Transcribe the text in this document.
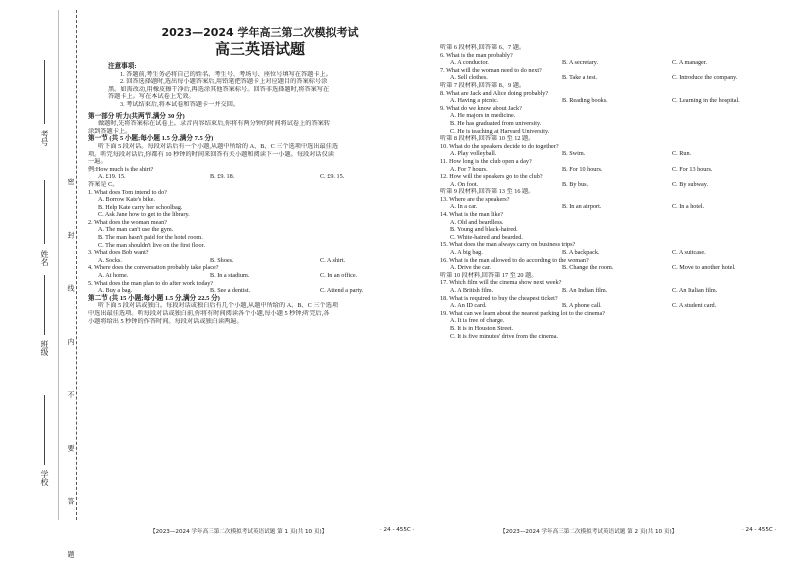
考号
姓名
班级
学校	密 封 线 内 不 要 答 题
2023—2024 学年高三第二次模拟考试
高三英语试题
注意事项:
1. 答题前,考生务必将自己的姓名、考生号、考场号、座位号填写在答题卡上。
2. 回答选择题时,选出每小题答案后,用铅笔把答题卡上对应题目的答案标号涂
黑。如需改动,用橡皮擦干净后,再选涂其他答案标号。回答非选择题时,将答案写在
答题卡上。写在本试卷上无效。
3. 考试结束后,将本试卷和答题卡一并交回。
第一部分 听力(共两节,满分 30 分)
做题时,先将答案标在试卷上。录音内容结束后,你将有两分钟的时间将试卷上的答案转
涂到答题卡上。
第一节 (共 5 小题;每小题 1.5 分,满分 7.5 分)
听下面 5 段对话。每段对话后有一个小题,从题中所给的 A、B、C 三个选项中选出最佳选
项。听完每段对话后,你都有 10 秒钟的时间来回答有关小题和阅读下一小题。每段对话仅读
一遍。
例:How much is the shirt?
A. £19. 15.	B. £9. 18.	C. £9. 15.
答案是 C。
1. What does Tom intend to do?
A. Borrow Kate's bike.
B. Help Kate carry her schoolbag.
C. Ask Jane how to get to the library.
2. What does the woman mean?
A. The man can't use the gym.
B. The man hasn't paid for the hotel room.
C. The man shouldn't live on the first floor.
3. What does Bob want?
A. Socks.	B. Shoes.	C. A shirt.
4. Where does the conversation probably take place?
A. At home.	B. In a stadium.	C. In an office.
5. What does the man plan to do after work today?
A. Buy a bag.	B. See a dentist.	C. Attend a party.
第二节 (共 15 小题;每小题 1.5 分,满分 22.5 分)
听下面 5 段对话或独白。每段对话或独白后有几个小题,从题中所给的 A、B、C 三个选项
中选出最佳选项。听每段对话或独白前,你将有时间阅读各个小题,每小题 5 秒钟;听完后,各
小题将给出 5 秒钟的作答时间。每段对话或独白读两遍。
听第 6 段材料,回答第 6、7 题。
6. What is the man probably?
A. A conductor.	B. A secretary.	C. A manager.
7. What will the woman need to do next?
A. Sell clothes.	B. Take a test.	C. Introduce the company.
听第 7 段材料,回答第 8、9 题。
8. What are Jack and Alice doing probably?
A. Having a picnic.	B. Reading books.	C. Learning in the hospital.
9. What do we know about Jack?
A. He majors in medicine.
B. He has graduated from university.
C. He is teaching at Harvard University.
听第 8 段材料,回答第 10 至 12 题。
10. What do the speakers decide to do together?
A. Play volleyball.	B. Swim.	C. Run.
11. How long is the club open a day?
A. For 7 hours.	B. For 10 hours.	C. For 13 hours.
12. How will the speakers go to the club?
A. On foot.	B. By bus.	C. By subway.
听第 9 段材料,回答第 13 至 16 题。
13. Where are the speakers?
A. In a car.	B. In an airport.	C. In a hotel.
14. What is the man like?
A. Old and beardless.
B. Young and black-haired.
C. White-haired and bearded.
15. What does the man always carry on business trips?
A. A big bag.	B. A backpack.	C. A suitcase.
16. What is the man allowed to do according to the woman?
A. Drive the car.	B. Change the room.	C. Move to another hotel.
听第 10 段材料,回答第 17 至 20 题。
17. Which film will the cinema show next week?
A. A British film.	B. An Indian film.	C. An Italian film.
18. What is required to buy the cheapest ticket?
A. An ID card.	B. A phone call.	C. A student card.
19. What can we learn about the nearest parking lot to the cinema?
A. It is free of charge.
B. It is in Houston Street.
C. It is five minutes' drive from the cinema.
【2023—2024 学年高三第二次模拟考试英语试题 第 1 页(共 10 页)】	· 24 - 455C ·	【2023—2024 学年高三第二次模拟考试英语试题 第 2 页(共 10 页)】	· 24 - 455C ·
